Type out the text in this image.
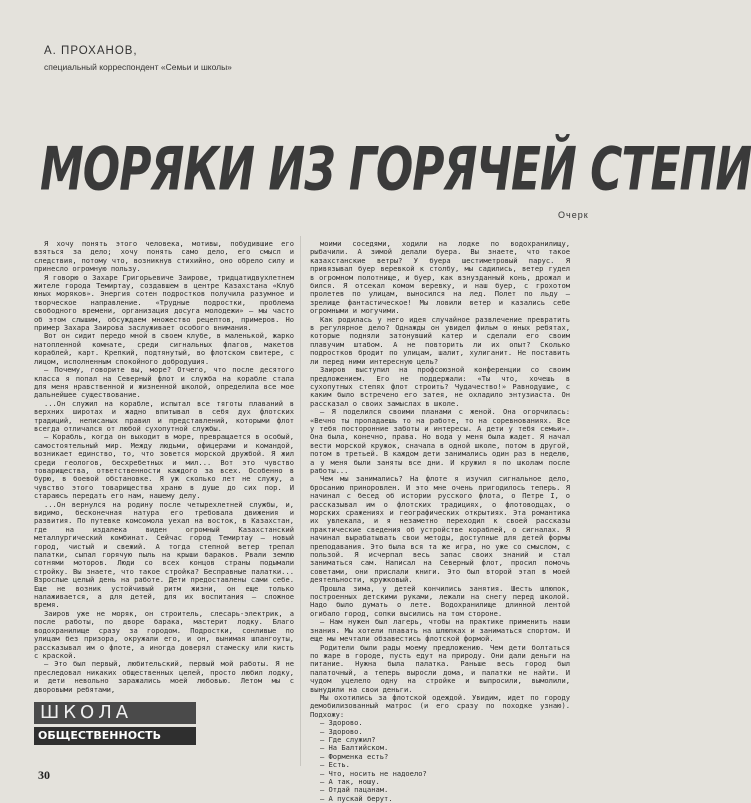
А. ПРОХАНОВ,
специальный корреспондент «Семьи и школы»
МОРЯКИ ИЗ ГОРЯЧЕЙ СТЕПИ
Очерк

Я хочу понять этого человека, мотивы, побудившие его взяться за дело; хочу понять само дело, его смысл и следствия, потому что, возникнув стихийно, оно обрело силу и принесло огромную пользу.

Я говорю о Захаре Григорьевиче Заирове, тридцатидвухлетнем жителе города Темиртау, создавшем в центре Казахстана «Клуб юных моряков». Энергия сотен подростков получила разумное и творческое направление. «Трудные подростки, проблема свободного времени, организация досуга молодежи» — мы часто об этом слышим, обсуждаем множество рецептов, примеров. Но пример Захара Заирова заслуживает особого внимания.

Вот он сидит передо мной в своем клубе, в маленькой, жарко натопленной комнате, среди сигнальных флагов, макетов кораблей, карт. Крепкий, подтянутый, во флотском свитере, с лицом, исполненным спокойного добродушия.

— Почему, говорите вы, море? Отчего, что после десятого класса я попал на Северный флот и служба на корабле стала для меня нравственной и жизненной школой, определила все мое дальнейшее существование.

...Он служил на корабле, испытал все тяготы плаваний в верхних широтах и жадно впитывал в себя дух флотских традиций, неписаных правил и представлений, которыми флот всегда отличался от любой сухопутной службы.

— Корабль, когда он выходит в море, превращается в особый, самостоятельный мир. Между людьми, офицерами и командой, возникает единство, то, что зовется морской дружбой. Я жил среди геологов, бесхребетных и мил... Вот это чувство товарищества, ответственности каждого за всех. Особенно в бурю, в боевой обстановке. Я уж сколько лет не служу, а чувство этого товарищества храню в душе до сих пор. И стараюсь передать его нам, нашему делу.

...Он вернулся на родину после четырехлетней службы, и, видимо, бесконечная натура его требовала движения и развития. По путевке комсомола уехал на восток, в Казахстан, где на издалека виден огромный Казахстанский металлургический комбинат. Сейчас город Темиртау — новый город, чистый и свежий. А тогда степной ветер трепал палатки, сыпал горячую пыль на крыши бараков. Рвали землю сотнями моторов. Люди со всех концов страны подымали стройку. Вы знаете, что такое стройка? Бесправные палатки... Взрослые целый день на работе. Дети предоставлены сами себе. Еще не возник устойчивый ритм жизни, он еще только налаживается, а для детей, для их воспитания — сложное время.

Заиров уже не моряк, он строитель, слесарь-электрик, а после работы, по дворе барака, мастерит лодку. Благо водохранилище сразу за городом. Подростки, сонливые по улицам без призора, окружали его, и он, вынимая шпангоуты, рассказывал им о флоте, а иногда доверял стамеску или кисть с краской.

— Это был первый, любительский, первый мой работы. Я не преследовал никаких общественных целей, просто любил лодку, и дети невольно заражались моей любовью. Летом мы с дворовыми ребятами,

моими соседями, ходили на лодке по водохранилищу, рыбачили. А зимой делали буера. Вы знаете, что такое казахстанские ветры? У буера шестиметровый парус. Я привязывал буер веревкой к столбу, мы садились, ветер гудел в огромном полотнище, и буер, как взнузданный конь, дрожал и бился. Я отсекал комом веревку, и наш буер, с грохотом пролетев по улицам, выносился на лед. Полет по льду — зрелище фантастическое! Мы ловили ветер и казались себе огромными и могучими.

Как родилась у него идея случайное развлечение превратить в регулярное дело? Однажды он увидел фильм о юных ребятах, которые подняли затонувший катер и сделали его своим плавучим штабом. А не повторить ли их опыт? Сколько подростков бродит по улицам, шалит, хулиганит. Не поставить ли перед ними интересную цель?

Заиров выступил на профсоюзной конференции со своим предложением. Его не поддержали: «Ты что, хочешь в сухопутных степях флот строить? Чудачество!» Равнодушие, с каким было встречено его затея, не охладило энтузиаста. Он рассказал о своих замыслах в школе.

— Я поделился своими планами с женой. Она огорчилась: «Вечно ты пропадаешь то на работе, то на соревнованиях. Все у тебя посторонние заботы и интересы. А дети у тебя семьи». Она была, конечно, права. Но вода у меня была жадет. Я начал вести морской кружок, сначала в одной школе, потом в другой, потом в третьей. В каждом дети занимались один раз в неделю, а у меня были заняты все дни. И кружил я по школам после работы...

Чем мы занимались? На флоте я изучил сигнальное дело, бросанию приноровлен. И это мне очень пригодилось теперь. Я начинал с бесед об истории русского флота, о Петре I, о рассказывал им о флотских традициях, о флотоводцах, о морских сражениях и географических открытиях. Эта романтика их увлекала, и я незаметно переходил к своей рассказы практические сведения об устройстве кораблей, о сигналах. Я начинал вырабатывать свои методы, доступные для детей формы преподавания. Это была вся та же игра, но уже со смыслом, с пользой. Я исчерпал весь запас своих знаний и стал заниматься сам. Написал на Северный флот, просил помочь советами, они прислали книги. Это был второй этап в моей деятельности, кружковый.

Прошла зима, у детей кончились занятия. Шесть шлюпок, построенных детскими руками, лежали на снегу перед школой. Надо было думать о лете. Водохранилище длинной лентой огибало город, сопки высились на том стороне.

— Нам нужен был лагерь, чтобы на практике применить наши знания. Мы хотели плавать на шлюпках и заниматься спортом. И еще мы мечтали обзавестись флотской формой.

Родители были рады моему предложению. Чем дети болтаться по жаре в городе, пусть едут на природу. Они дали деньги на питание. Нужна была палатка. Раньше весь город был палаточный, а теперь выросли дома, и палатки не найти. И чудом уцелело одну на стройке и выпросили, вымолили, вынудили на свои деньги.

Мы охотились за флотской одеждой. Увидим, идет по городу демобилизованный матрос (и его сразу по походке узнаю). Подхожу:

— Здорово.

— Здорово.

— Где служил?

— На Балтийском.

— Форменка есть?

— Есть.

— Что, носить не надоело?

— А так, ношу.

— Отдай пацанам.

— А пускай берут.

ШКОЛА
ОБЩЕСТВЕННОСТЬ
30
